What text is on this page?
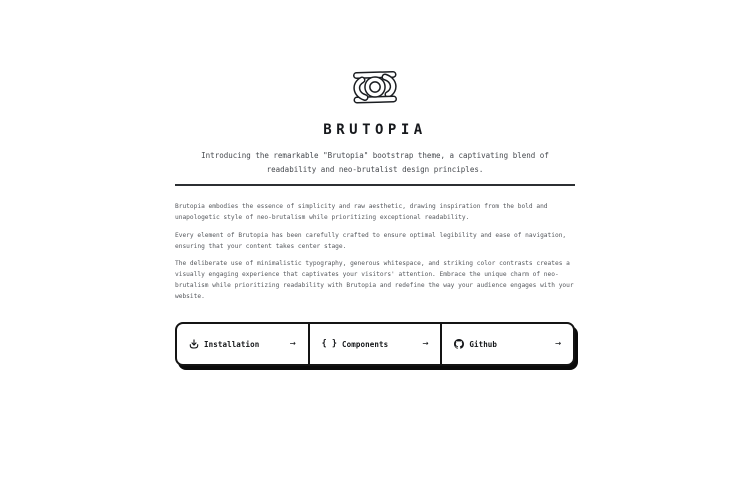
BRUTOPIA

Introducing the remarkable "Brutopia" bootstrap theme, a captivating blend of readability and neo-brutalist design principles.

Brutopia embodies the essence of simplicity and raw aesthetic, drawing inspiration from the bold and unapologetic style of neo-brutalism while prioritizing exceptional readability.

Every element of Brutopia has been carefully crafted to ensure optimal legibility and ease of navigation, ensuring that your content takes center stage.

The deliberate use of minimalistic typography, generous whitespace, and striking color contrasts creates a visually engaging experience that captivates your visitors' attention. Embrace the unique charm of neo-brutalism while prioritizing readability with Brutopia and redefine the way your audience engages with your website.

Installation	→	{ } Components	→	Github	→
